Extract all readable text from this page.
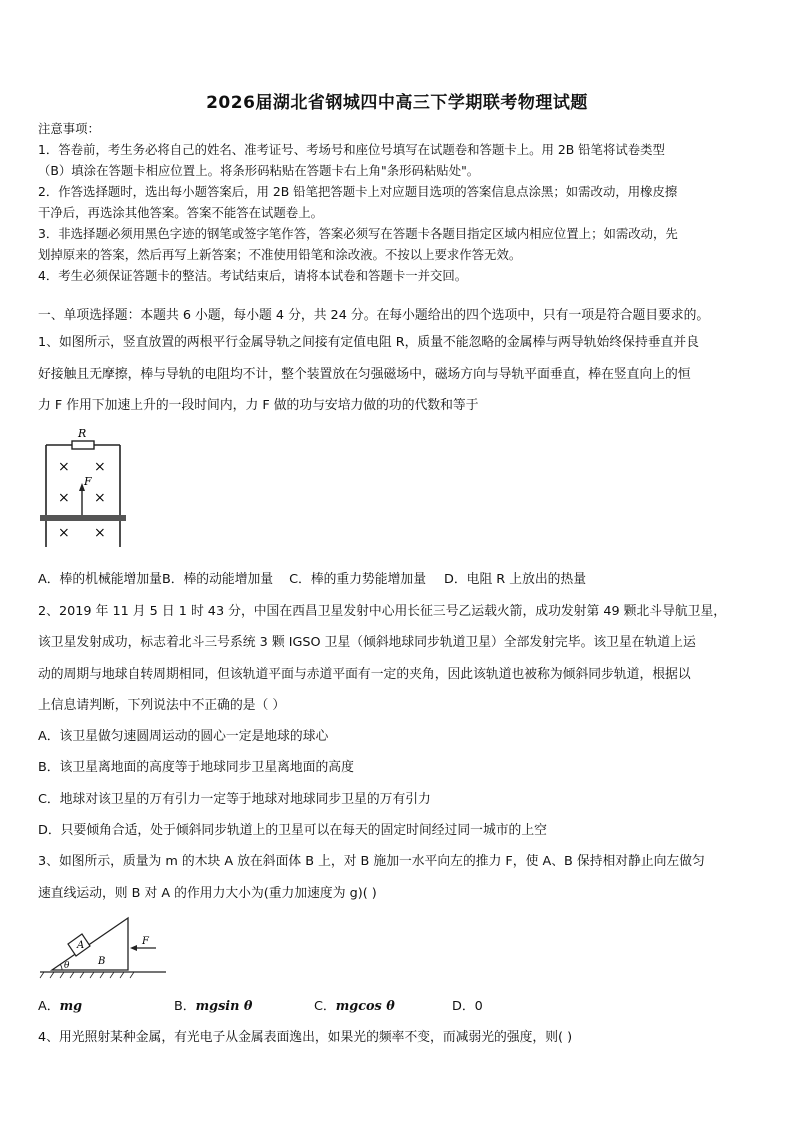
2026届湖北省钢城四中高三下学期联考物理试题
注意事项：
1．答卷前，考生务必将自己的姓名、准考证号、考场号和座位号填写在试题卷和答题卡上。用 2B 铅笔将试卷类型
（B）填涂在答题卡相应位置上。将条形码粘贴在答题卡右上角"条形码粘贴处"。
2．作答选择题时，选出每小题答案后，用 2B 铅笔把答题卡上对应题目选项的答案信息点涂黑；如需改动，用橡皮擦
干净后，再选涂其他答案。答案不能答在试题卷上。
3．非选择题必须用黑色字迹的钢笔或签字笔作答，答案必须写在答题卡各题目指定区域内相应位置上；如需改动，先
划掉原来的答案，然后再写上新答案；不准使用铅笔和涂改液。不按以上要求作答无效。
4．考生必须保证答题卡的整洁。考试结束后，请将本试卷和答题卡一并交回。
一、单项选择题：本题共 6 小题，每小题 4 分，共 24 分。在每小题给出的四个选项中，只有一项是符合题目要求的。
1、如图所示，竖直放置的两根平行金属导轨之间接有定值电阻 R，质量不能忽略的金属棒与两导轨始终保持垂直并良
好接触且无摩擦，棒与导轨的电阻均不计，整个装置放在匀强磁场中，磁场方向与导轨平面垂直，棒在竖直向上的恒
力 F 作用下加速上升的一段时间内，力 F 做的功与安培力做的功的代数和等于
R
× ×
× ×
× ×
F
A．棒的机械能增加量B．棒的动能增加量 C．棒的重力势能增加量 D．电阻 R 上放出的热量
2、2019 年 11 月 5 日 1 时 43 分，中国在西昌卫星发射中心用长征三号乙运载火箭，成功发射第 49 颗北斗导航卫星，
该卫星发射成功，标志着北斗三号系统 3 颗 IGSO 卫星（倾斜地球同步轨道卫星）全部发射完毕。该卫星在轨道上运
动的周期与地球自转周期相同，但该轨道平面与赤道平面有一定的夹角，因此该轨道也被称为倾斜同步轨道，根据以
上信息请判断，下列说法中不正确的是（ ）
A．该卫星做匀速圆周运动的圆心一定是地球的球心
B．该卫星离地面的高度等于地球同步卫星离地面的高度
C．地球对该卫星的万有引力一定等于地球对地球同步卫星的万有引力
D．只要倾角合适，处于倾斜同步轨道上的卫星可以在每天的固定时间经过同一城市的上空
3、如图所示，质量为 m 的木块 A 放在斜面体 B 上，对 B 施加一水平向左的推力 F，使 A、B 保持相对静止向左做匀
速直线运动，则 B 对 A 的作用力大小为(重力加速度为 g)( )
A
B
θ
F
A．mg	B．mgsin θ	C．mgcos θ	D．0
4、用光照射某种金属，有光电子从金属表面逸出，如果光的频率不变，而减弱光的强度，则( )
